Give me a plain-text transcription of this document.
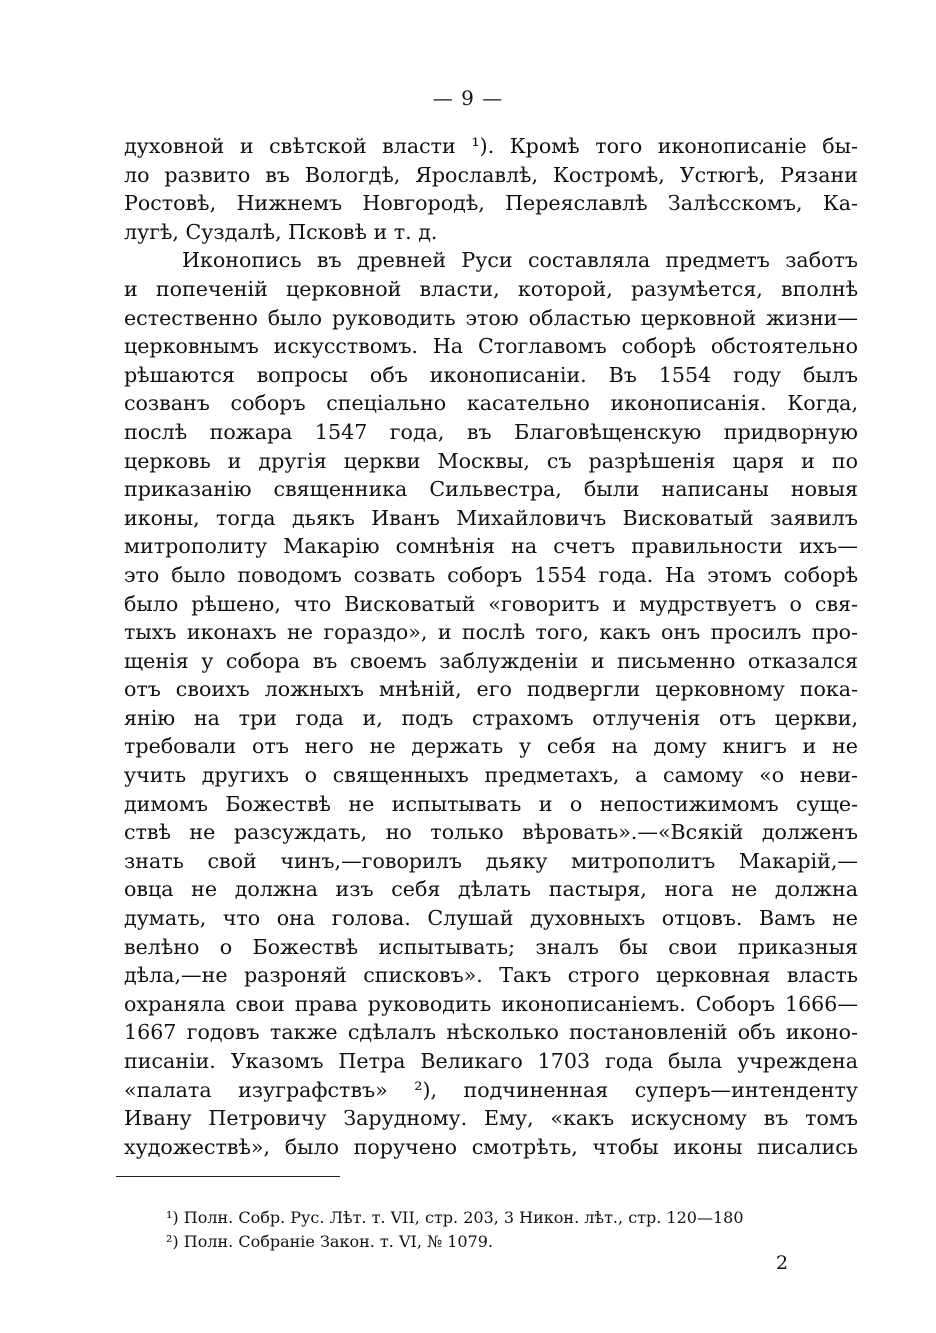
— 9 —
духовной и свѣтской власти ¹). Кромѣ того иконописаніе бы-
ло развито въ Вологдѣ, Ярославлѣ, Костромѣ, Устюгѣ, Рязани
Ростовѣ, Нижнемъ Новгородѣ, Переяславлѣ Залѣсскомъ, Ка-
лугѣ, Суздалѣ, Псковѣ и т. д.
Иконопись въ древней Руси составляла предметъ заботъ
и попеченій церковной власти, которой, разумѣется, вполнѣ
естественно было руководить этою областью церковной жизни—
церковнымъ искусствомъ. На Стоглавомъ соборѣ обстоятельно
рѣшаются вопросы объ иконописаніи. Въ 1554 году былъ
созванъ соборъ спеціально касательно иконописанія. Когда,
послѣ пожара 1547 года, въ Благовѣщенскую придворную
церковь и другія церкви Москвы, съ разрѣшенія царя и по
приказанію священника Сильвестра, были написаны новыя
иконы, тогда дьякъ Иванъ Михайловичъ Висковатый заявилъ
митрополиту Макарію сомнѣнія на счетъ правильности ихъ—
это было поводомъ созвать соборъ 1554 года. На этомъ соборѣ
было рѣшено, что Висковатый «говоритъ и мудрствуетъ о свя-
тыхъ иконахъ не гораздо», и послѣ того, какъ онъ просилъ про-
щенія у собора въ своемъ заблужденіи и письменно отказался
отъ своихъ ложныхъ мнѣній, его подвергли церковному пока-
янію на три года и, подъ страхомъ отлученія отъ церкви,
требовали отъ него не держать у себя на дому книгъ и не
учить другихъ о священныхъ предметахъ, а самому «о неви-
димомъ Божествѣ не испытывать и о непостижимомъ суще-
ствѣ не разсуждать, но только вѣровать».—«Всякій долженъ
знать свой чинъ,—говорилъ дьяку митрополитъ Макарій,—
овца не должна изъ себя дѣлать пастыря, нога не должна
думать, что она голова. Слушай духовныхъ отцовъ. Вамъ не
велѣно о Божествѣ испытывать; зналъ бы свои приказныя
дѣла,—не разроняй списковъ». Такъ строго церковная власть
охраняла свои права руководить иконописаніемъ. Соборъ 1666—
1667 годовъ также сдѣлалъ нѣсколько постановленій объ иконо-
писаніи. Указомъ Петра Великаго 1703 года была учреждена
«палата изуграфствъ» ²), подчиненная суперъ—интенденту
Ивану Петровичу Зарудному. Ему, «какъ искусному въ томъ
художествѣ», было поручено смотрѣть, чтобы иконы писались
¹) Полн. Собр. Рус. Лѣт. т. VII, стр. 203, 3 Никон. лѣт., стр. 120—180
²) Полн. Собраніе Закон. т. VI, № 1079.
2
